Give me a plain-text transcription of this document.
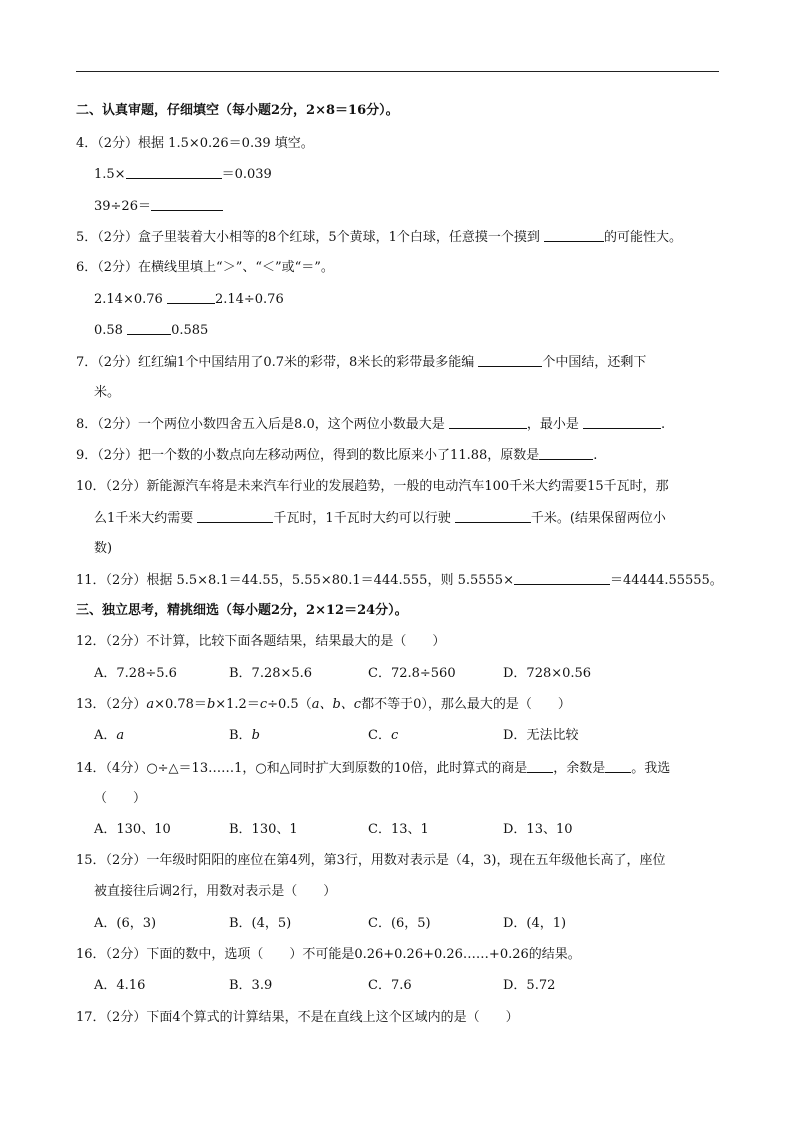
二、认真审题，仔细填空（每小题2分，2×8＝16分）。
4．（2分）根据 1.5×0.26＝0.39 填空。
1.5×	＝0.039
39÷26＝
5．（2分）盒子里装着大小相等的8个红球，5个黄球，1个白球，任意摸一个摸到	的可能性大。
6．（2分）在横线里填上“＞”、“＜”或“＝”。
2.14×0.76	2.14÷0.76
0.58	0.585
7．（2分）红红编1个中国结用了0.7米的彩带，8米长的彩带最多能编	个中国结，还剩下
米。
8．（2分）一个两位小数四舍五入后是8.0，这个两位小数最大是	，最小是	.
9．（2分）把一个数的小数点向左移动两位，得到的数比原来小了11.88，原数是	.
10．（2分）新能源汽车将是未来汽车行业的发展趋势，一般的电动汽车100千米大约需要15千瓦时，那
么1千米大约需要	千瓦时，1千瓦时大约可以行驶	千米。(结果保留两位小
数)
11．（2分）根据 5.5×8.1＝44.55，5.55×80.1＝444.555，则 5.5555×	＝44444.55555。
三、独立思考，精挑细选（每小题2分，2×12＝24分）。
12．（2分）不计算，比较下面各题结果，结果最大的是（　　）
A．7.28÷5.6	B．7.28×5.6	C．72.8÷560	D．728×0.56
13．（2分）a×0.78＝b×1.2＝c÷0.5（a、b、c都不等于0），那么最大的是（　　）
A．a	B．b	C．c	D．无法比较
14．（4分）○÷△＝13……1，○和△同时扩大到原数的10倍，此时算式的商是 ，余数是 。我选
（　　）
A．130、10	B．130、1	C．13、1	D．13、10
15．（2分）一年级时阳阳的座位在第4列，第3行，用数对表示是（4，3)，现在五年级他长高了，座位
被直接往后调2行，用数对表示是（　　）
A．(6，3)	B．(4，5)	C．(6，5)	D．(4，1)
16．（2分）下面的数中，选项（　　）不可能是0.26+0.26+0.26……+0.26的结果。
A．4.16	B．3.9	C．7.6	D．5.72
17．（2分）下面4个算式的计算结果，不是在直线上这个区域内的是（　　）
